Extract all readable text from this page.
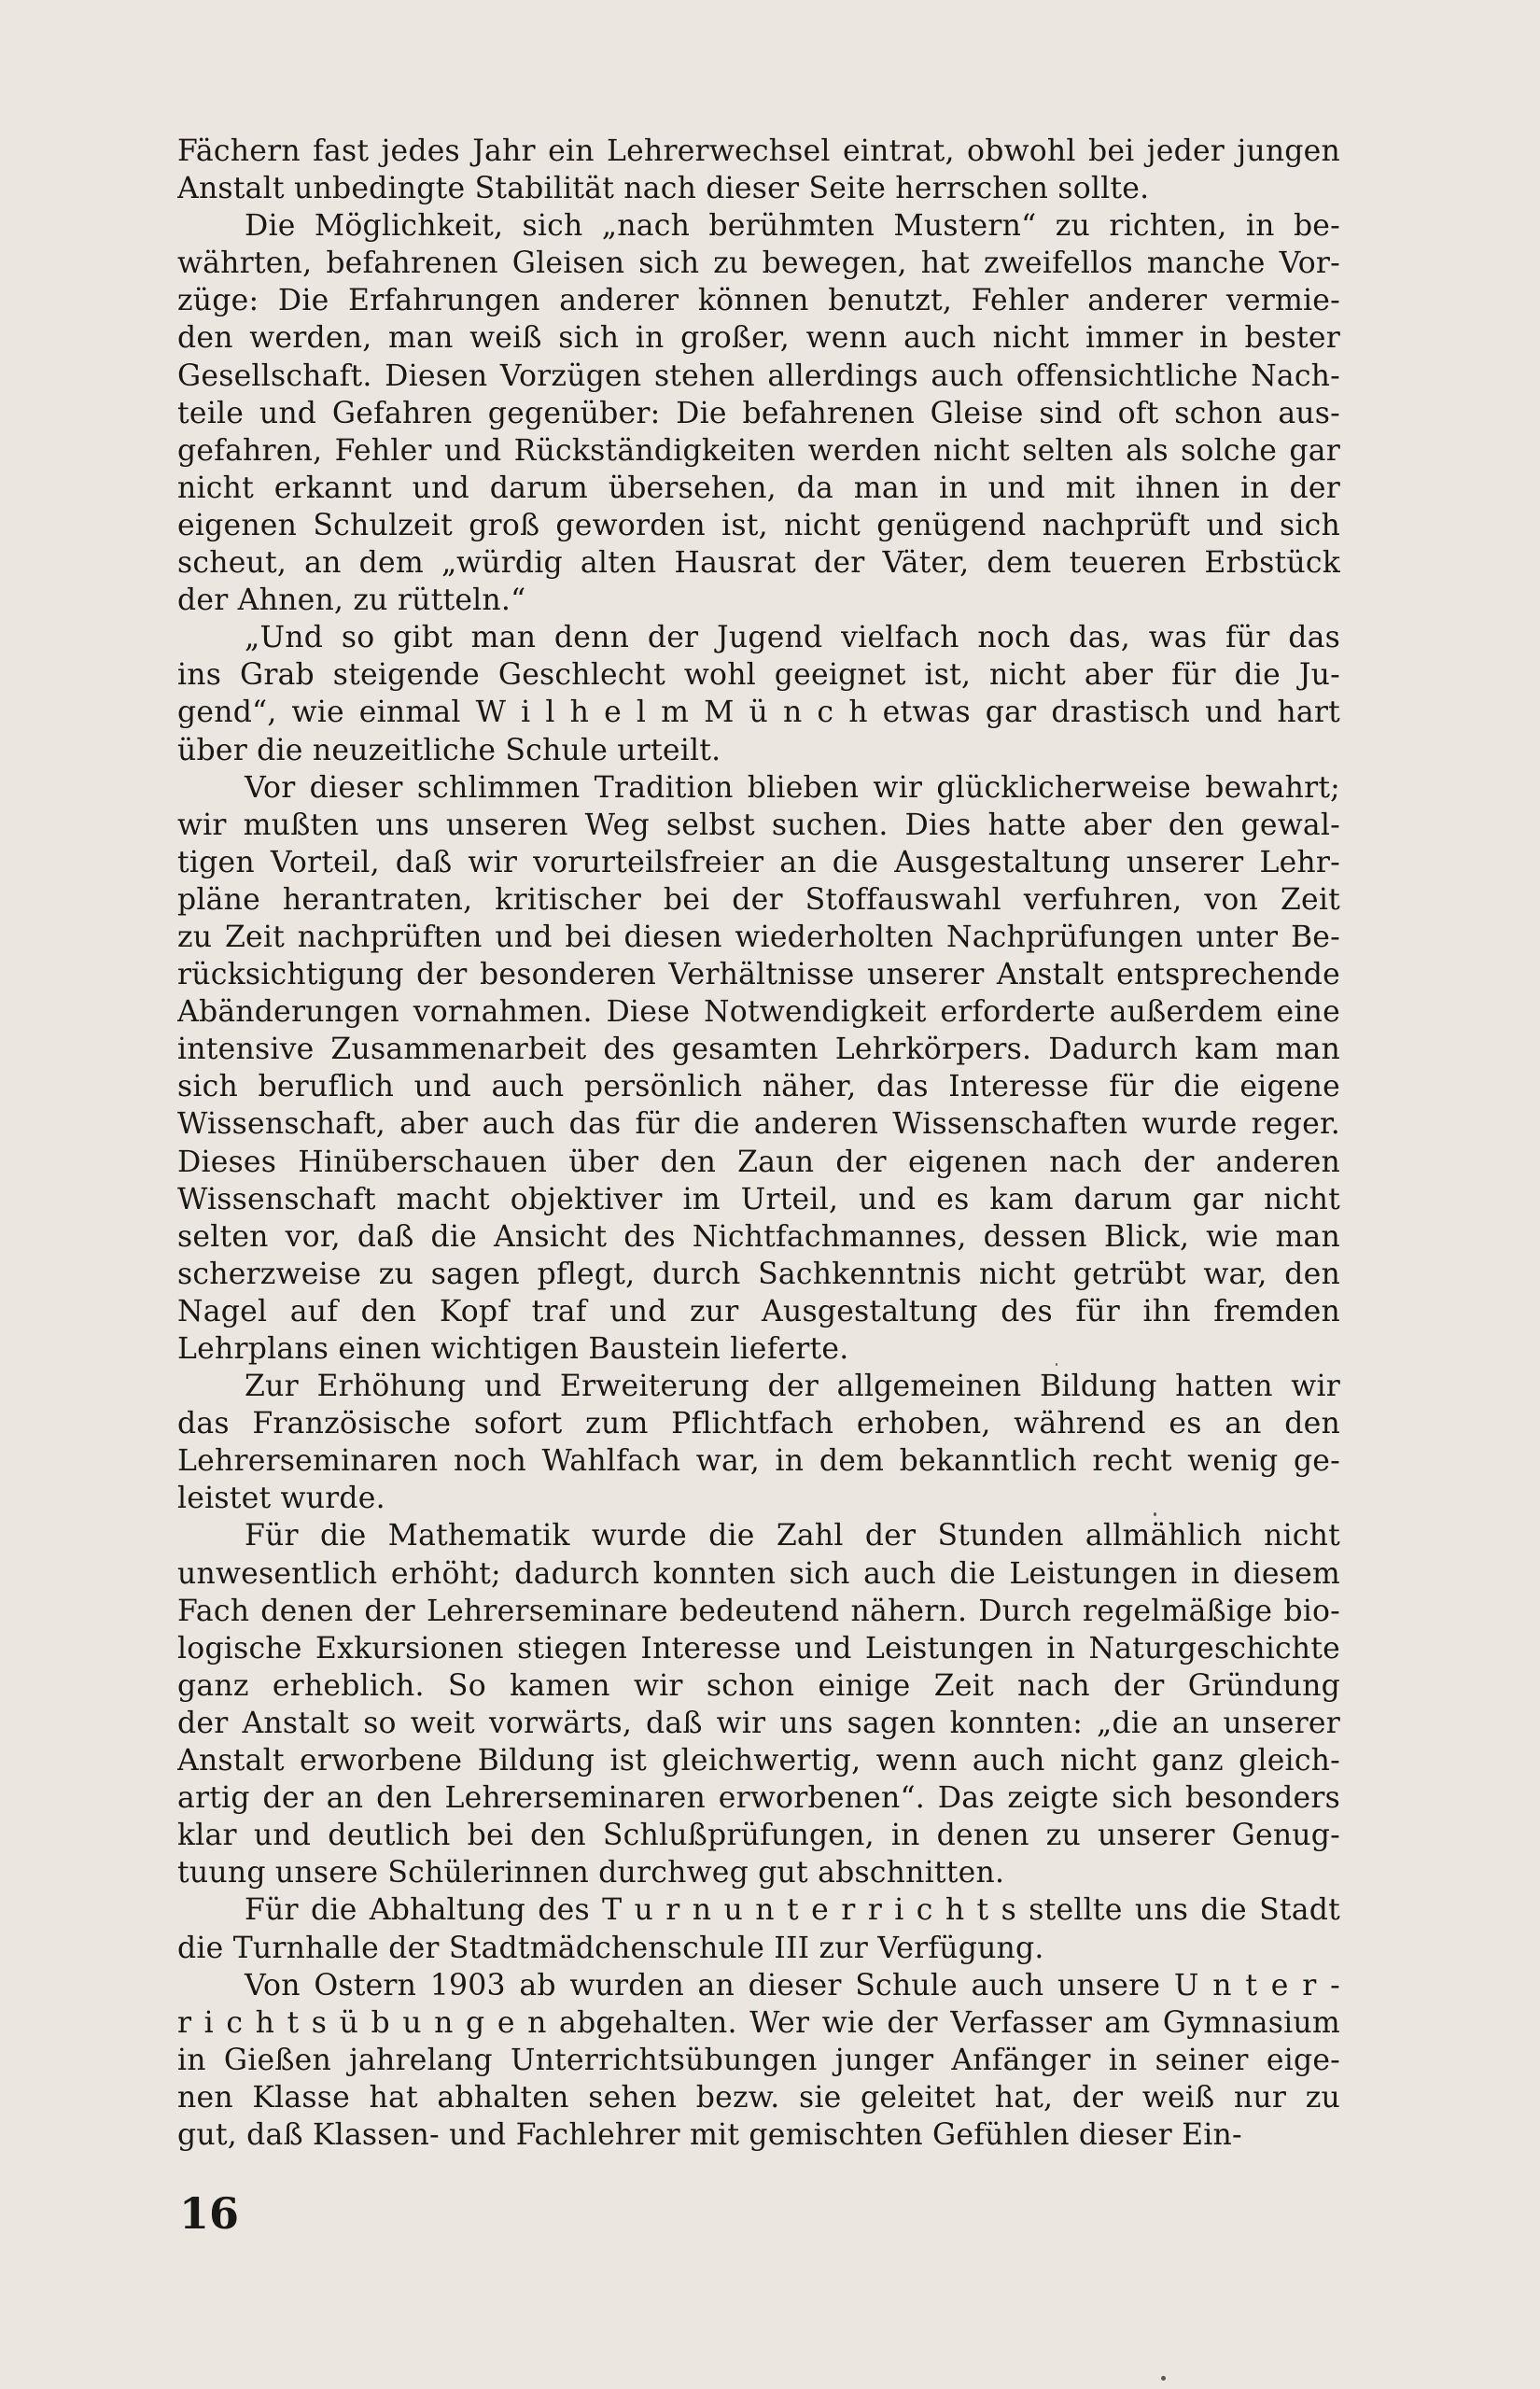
Fächern fast jedes Jahr ein Lehrerwechsel eintrat, obwohl bei jeder jungen
Anstalt unbedingte Stabilität nach dieser Seite herrschen sollte.
Die Möglichkeit, sich „nach berühmten Mustern“ zu richten, in be-
währten, befahrenen Gleisen sich zu bewegen, hat zweifellos manche Vor-
züge: Die Erfahrungen anderer können benutzt, Fehler anderer vermie-
den werden, man weiß sich in großer, wenn auch nicht immer in bester
Gesellschaft. Diesen Vorzügen stehen allerdings auch offensichtliche Nach-
teile und Gefahren gegenüber: Die befahrenen Gleise sind oft schon aus-
gefahren, Fehler und Rückständigkeiten werden nicht selten als solche gar
nicht erkannt und darum übersehen, da man in und mit ihnen in der
eigenen Schulzeit groß geworden ist, nicht genügend nachprüft und sich
scheut, an dem „würdig alten Hausrat der Väter, dem teueren Erbstück
der Ahnen, zu rütteln.“
„Und so gibt man denn der Jugend vielfach noch das, was für das
ins Grab steigende Geschlecht wohl geeignet ist, nicht aber für die Ju-
gend“, wie einmal W i l h e l m M ü n c h etwas gar drastisch und hart
über die neuzeitliche Schule urteilt.
Vor dieser schlimmen Tradition blieben wir glücklicherweise bewahrt;
wir mußten uns unseren Weg selbst suchen. Dies hatte aber den gewal-
tigen Vorteil, daß wir vorurteilsfreier an die Ausgestaltung unserer Lehr-
pläne herantraten, kritischer bei der Stoffauswahl verfuhren, von Zeit
zu Zeit nachprüften und bei diesen wiederholten Nachprüfungen unter Be-
rücksichtigung der besonderen Verhältnisse unserer Anstalt entsprechende
Abänderungen vornahmen. Diese Notwendigkeit erforderte außerdem eine
intensive Zusammenarbeit des gesamten Lehrkörpers. Dadurch kam man
sich beruflich und auch persönlich näher, das Interesse für die eigene
Wissenschaft, aber auch das für die anderen Wissenschaften wurde reger.
Dieses Hinüberschauen über den Zaun der eigenen nach der anderen
Wissenschaft macht objektiver im Urteil, und es kam darum gar nicht
selten vor, daß die Ansicht des Nichtfachmannes, dessen Blick, wie man
scherzweise zu sagen pflegt, durch Sachkenntnis nicht getrübt war, den
Nagel auf den Kopf traf und zur Ausgestaltung des für ihn fremden
Lehrplans einen wichtigen Baustein lieferte.
Zur Erhöhung und Erweiterung der allgemeinen Bildung hatten wir
das Französische sofort zum Pflichtfach erhoben, während es an den
Lehrerseminaren noch Wahlfach war, in dem bekanntlich recht wenig ge-
leistet wurde.
Für die Mathematik wurde die Zahl der Stunden allmählich nicht
unwesentlich erhöht; dadurch konnten sich auch die Leistungen in diesem
Fach denen der Lehrerseminare bedeutend nähern. Durch regelmäßige bio-
logische Exkursionen stiegen Interesse und Leistungen in Naturgeschichte
ganz erheblich. So kamen wir schon einige Zeit nach der Gründung
der Anstalt so weit vorwärts, daß wir uns sagen konnten: „die an unserer
Anstalt erworbene Bildung ist gleichwertig, wenn auch nicht ganz gleich-
artig der an den Lehrerseminaren erworbenen“. Das zeigte sich besonders
klar und deutlich bei den Schlußprüfungen, in denen zu unserer Genug-
tuung unsere Schülerinnen durchweg gut abschnitten.
Für die Abhaltung des T u r n u n t e r r i c h t s stellte uns die Stadt
die Turnhalle der Stadtmädchenschule III zur Verfügung.
Von Ostern 1903 ab wurden an dieser Schule auch unsere U n t e r -
r i c h t s ü b u n g e n abgehalten. Wer wie der Verfasser am Gymnasium
in Gießen jahrelang Unterrichtsübungen junger Anfänger in seiner eige-
nen Klasse hat abhalten sehen bezw. sie geleitet hat, der weiß nur zu
gut, daß Klassen- und Fachlehrer mit gemischten Gefühlen dieser Ein-
16
